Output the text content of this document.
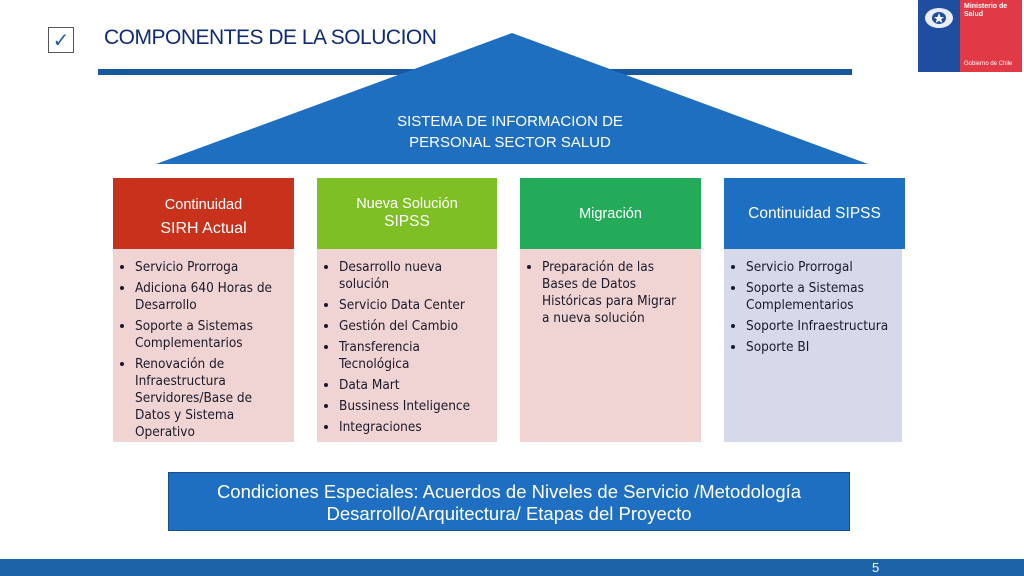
✓ COMPONENTES DE LA SOLUCION
Ministerio de Salud
Gobierno de Chile
SISTEMA DE INFORMACION DE
PERSONAL SECTOR SALUD
Continuidad
SIRH Actual
• Servicio Prorroga
• Adiciona 640 Horas de Desarrollo
• Soporte a Sistemas Complementarios
• Renovación de Infraestructura Servidores/Base de Datos y Sistema Operativo
Nueva Solución
SIPSS
• Desarrollo nueva solución
• Servicio Data Center
• Gestión del Cambio
• Transferencia Tecnológica
• Data Mart
• Bussiness Inteligence
• Integraciones
Migración
• Preparación de las Bases de Datos Históricas para Migrar a nueva solución
Continuidad SIPSS
• Servicio Prorrogal
• Soporte a Sistemas Complementarios
• Soporte Infraestructura
• Soporte BI
Condiciones Especiales: Acuerdos de Niveles de Servicio /Metodología
Desarrollo/Arquitectura/ Etapas del Proyecto
5
